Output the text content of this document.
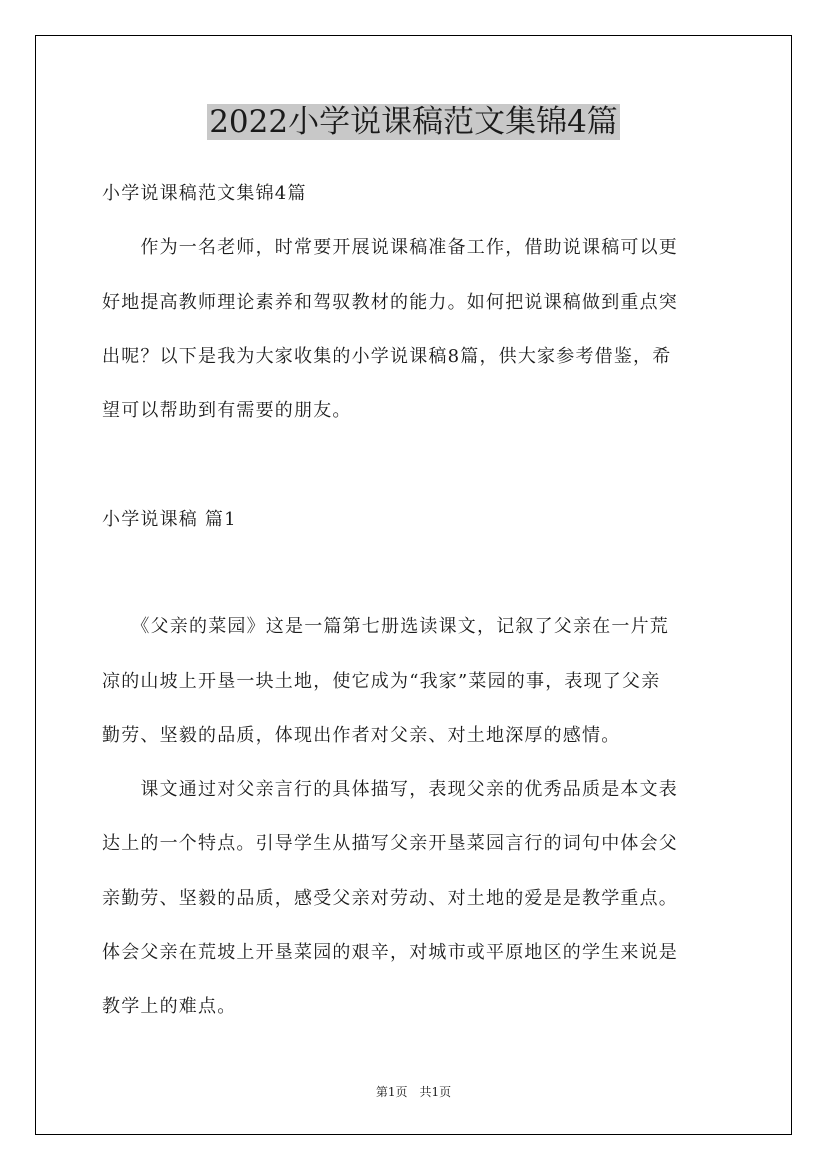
2022小学说课稿范文集锦4篇
小学说课稿范文集锦4篇
　　作为一名老师，时常要开展说课稿准备工作，借助说课稿可以更
好地提高教师理论素养和驾驭教材的能力。如何把说课稿做到重点突
出呢？以下是我为大家收集的小学说课稿8篇，供大家参考借鉴，希
望可以帮助到有需要的朋友。
小学说课稿 篇1
　　《父亲的菜园》这是一篇第七册选读课文，记叙了父亲在一片荒
凉的山坡上开垦一块土地，使它成为“我家”菜园的事，表现了父亲
勤劳、坚毅的品质，体现出作者对父亲、对土地深厚的感情。
　　课文通过对父亲言行的具体描写，表现父亲的优秀品质是本文表
达上的一个特点。引导学生从描写父亲开垦菜园言行的词句中体会父
亲勤劳、坚毅的品质，感受父亲对劳动、对土地的爱是是教学重点。
体会父亲在荒坡上开垦菜园的艰辛，对城市或平原地区的学生来说是
教学上的难点。
第1页　共1页
